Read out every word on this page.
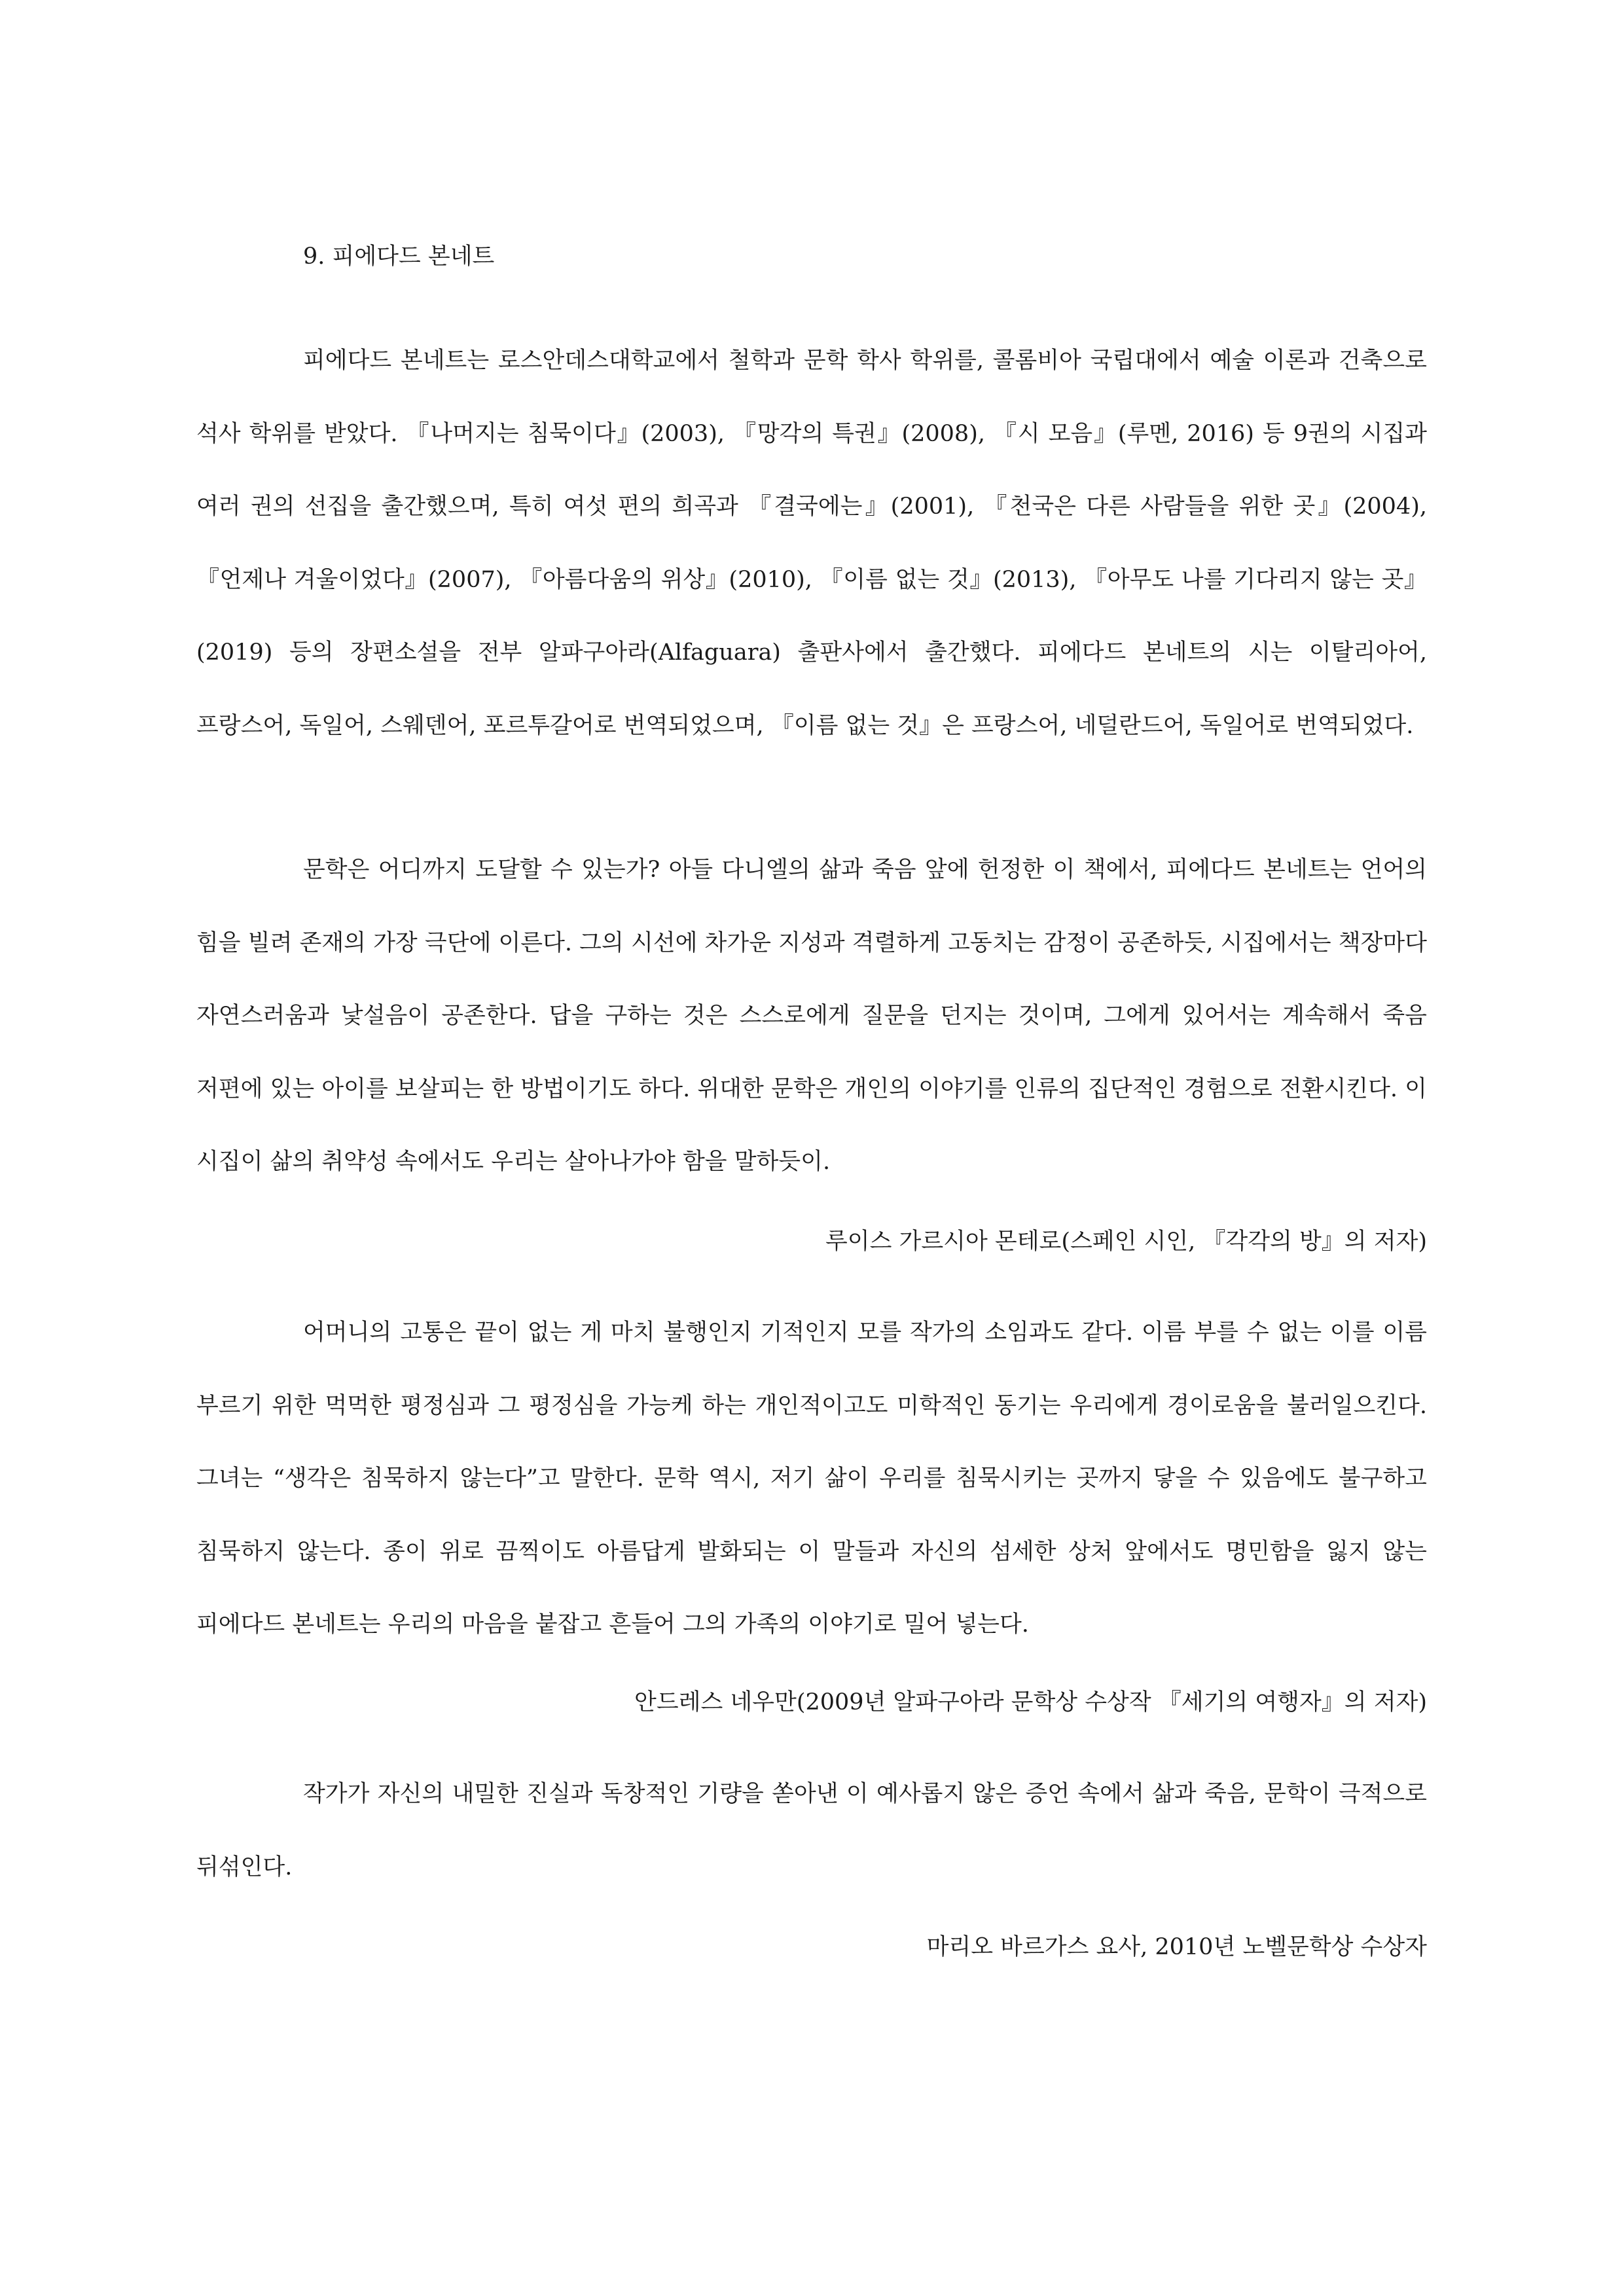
9. 피에다드 본네트

피에다드 본네트는 로스안데스대학교에서 철학과 문학 학사 학위를, 콜롬비아 국립대에서 예술 이론과 건축으로 석사 학위를 받았다. 『나머지는 침묵이다』(2003), 『망각의 특권』(2008), 『시 모음』(루멘, 2016) 등 9권의 시집과 여러 권의 선집을 출간했으며, 특히 여섯 편의 희곡과 『결국에는』(2001), 『천국은 다른 사람들을 위한 곳』(2004), 『언제나 겨울이었다』(2007), 『아름다움의 위상』(2010), 『이름 없는 것』(2013), 『아무도 나를 기다리지 않는 곳』(2019) 등의 장편소설을 전부 알파구아라(Alfaguara) 출판사에서 출간했다. 피에다드 본네트의 시는 이탈리아어, 프랑스어, 독일어, 스웨덴어, 포르투갈어로 번역되었으며, 『이름 없는 것』은 프랑스어, 네덜란드어, 독일어로 번역되었다.

문학은 어디까지 도달할 수 있는가? 아들 다니엘의 삶과 죽음 앞에 헌정한 이 책에서, 피에다드 본네트는 언어의 힘을 빌려 존재의 가장 극단에 이른다. 그의 시선에 차가운 지성과 격렬하게 고동치는 감정이 공존하듯, 시집에서는 책장마다 자연스러움과 낯설음이 공존한다. 답을 구하는 것은 스스로에게 질문을 던지는 것이며, 그에게 있어서는 계속해서 죽음 저편에 있는 아이를 보살피는 한 방법이기도 하다. 위대한 문학은 개인의 이야기를 인류의 집단적인 경험으로 전환시킨다. 이 시집이 삶의 취약성 속에서도 우리는 살아나가야 함을 말하듯이.

루이스 가르시아 몬테로(스페인 시인, 『각각의 방』의 저자)

어머니의 고통은 끝이 없는 게 마치 불행인지 기적인지 모를 작가의 소임과도 같다. 이름 부를 수 없는 이를 이름 부르기 위한 먹먹한 평정심과 그 평정심을 가능케 하는 개인적이고도 미학적인 동기는 우리에게 경이로움을 불러일으킨다. 그녀는 “생각은 침묵하지 않는다”고 말한다. 문학 역시, 저기 삶이 우리를 침묵시키는 곳까지 닿을 수 있음에도 불구하고 침묵하지 않는다. 종이 위로 끔찍이도 아름답게 발화되는 이 말들과 자신의 섬세한 상처 앞에서도 명민함을 잃지 않는 피에다드 본네트는 우리의 마음을 붙잡고 흔들어 그의 가족의 이야기로 밀어 넣는다.

안드레스 네우만(2009년 알파구아라 문학상 수상작 『세기의 여행자』의 저자)

작가가 자신의 내밀한 진실과 독창적인 기량을 쏟아낸 이 예사롭지 않은 증언 속에서 삶과 죽음, 문학이 극적으로 뒤섞인다.

마리오 바르가스 요사, 2010년 노벨문학상 수상자
